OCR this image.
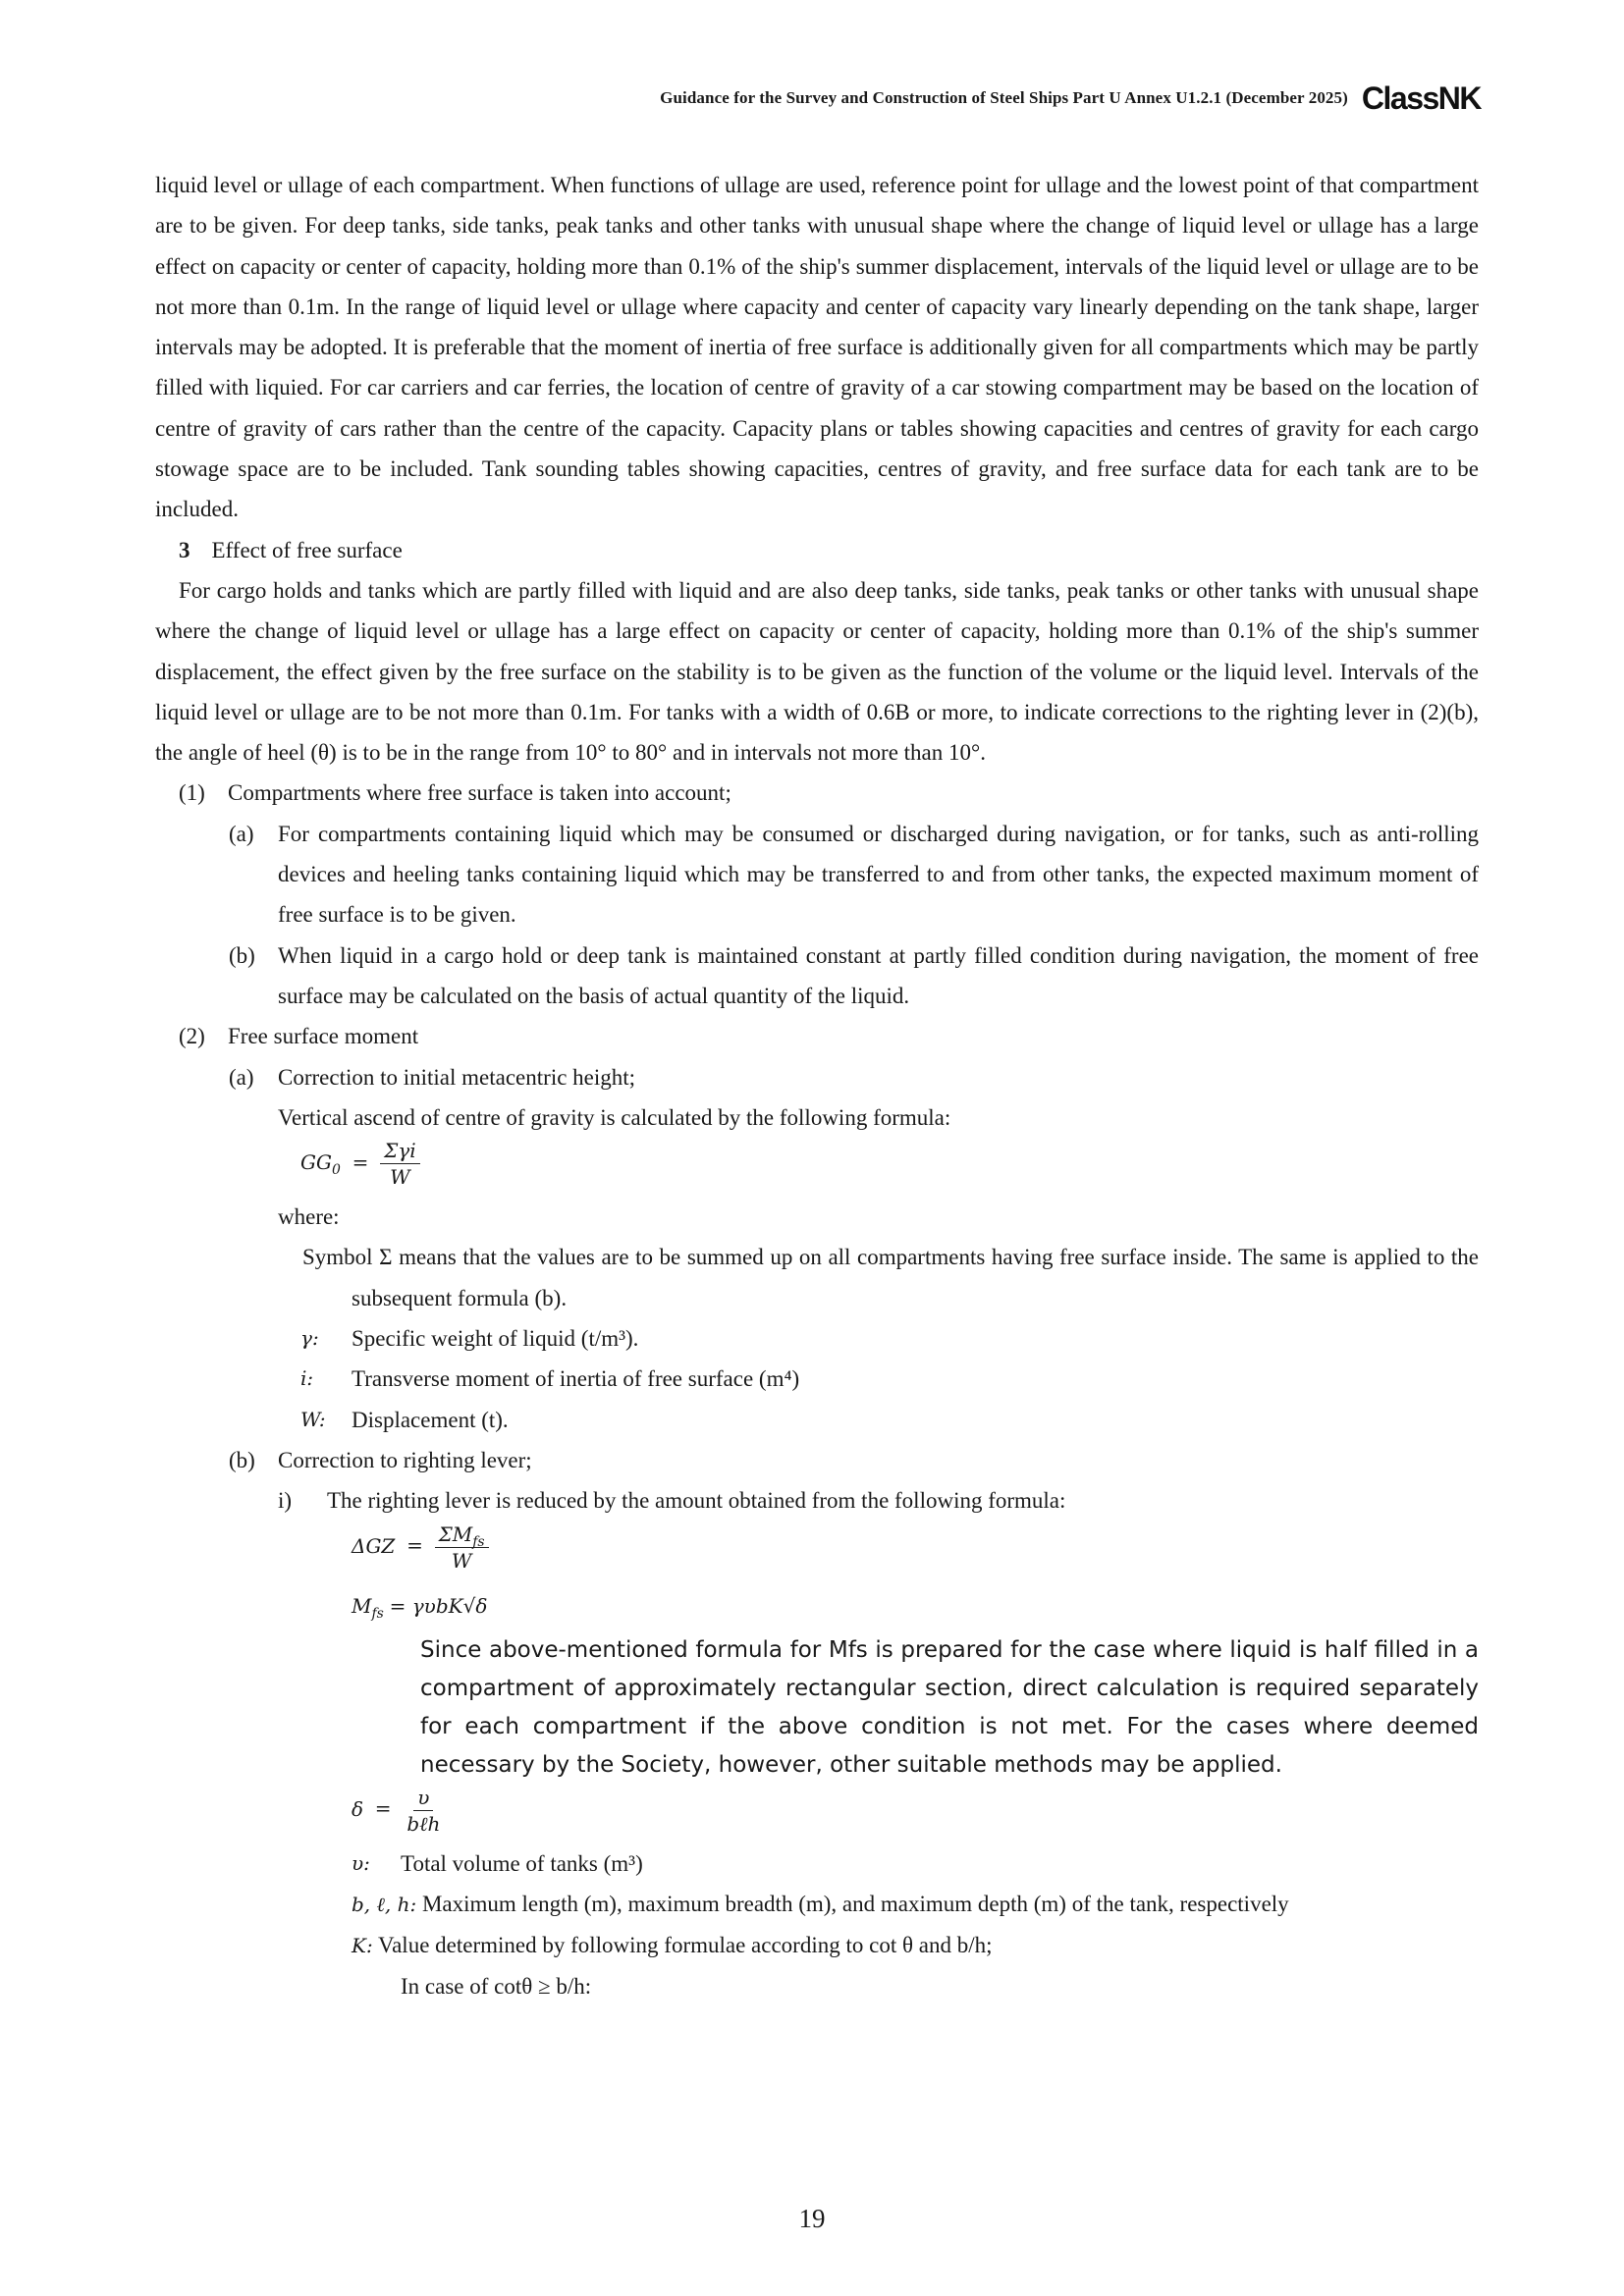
Guidance for the Survey and Construction of Steel Ships Part U Annex U1.2.1 (December 2025) ClassNK

liquid level or ullage of each compartment. When functions of ullage are used, reference point for ullage and the lowest point of that compartment are to be given. For deep tanks, side tanks, peak tanks and other tanks with unusual shape where the change of liquid level or ullage has a large effect on capacity or center of capacity, holding more than 0.1% of the ship's summer displacement, intervals of the liquid level or ullage are to be not more than 0.1m. In the range of liquid level or ullage where capacity and center of capacity vary linearly depending on the tank shape, larger intervals may be adopted. It is preferable that the moment of inertia of free surface is additionally given for all compartments which may be partly filled with liquied. For car carriers and car ferries, the location of centre of gravity of a car stowing compartment may be based on the location of centre of gravity of cars rather than the centre of the capacity. Capacity plans or tables showing capacities and centres of gravity for each cargo stowage space are to be included. Tank sounding tables showing capacities, centres of gravity, and free surface data for each tank are to be included.

3 Effect of free surface

For cargo holds and tanks which are partly filled with liquid and are also deep tanks, side tanks, peak tanks or other tanks with unusual shape where the change of liquid level or ullage has a large effect on capacity or center of capacity, holding more than 0.1% of the ship's summer displacement, the effect given by the free surface on the stability is to be given as the function of the volume or the liquid level. Intervals of the liquid level or ullage are to be not more than 0.1m. For tanks with a width of 0.6B or more, to indicate corrections to the righting lever in (2)(b), the angle of heel (θ) is to be in the range from 10° to 80° and in intervals not more than 10°.

(1) Compartments where free surface is taken into account;
(a) For compartments containing liquid which may be consumed or discharged during navigation, or for tanks, such as anti-rolling devices and heeling tanks containing liquid which may be transferred to and from other tanks, the expected maximum moment of free surface is to be given.
(b) When liquid in a cargo hold or deep tank is maintained constant at partly filled condition during navigation, the moment of free surface may be calculated on the basis of actual quantity of the liquid.
(2) Free surface moment
(a) Correction to initial metacentric height;

Vertical ascend of centre of gravity is calculated by the following formula:

$GG_0 = \frac{\text{Σγi}}{W}$

where:

Symbol Σ means that the values are to be summed up on all compartments having free surface inside. The same is applied to the subsequent formula (b).

γ: Specific weight of liquid (t/m³).
i: Transverse moment of inertia of free surface (m⁴)
W: Displacement (t).
(b) Correction to righting lever;
i) The righting lever is reduced by the amount obtained from the following formula:
$\Delta GZ = \frac{\Sigma M_{fs}}{W}$
$M_{fs} = \gamma\upsilon bK√\delta$

Since above-mentioned formula for Mfs is prepared for the case where liquid is half filled in a compartment of approximately rectangular section, direct calculation is required separately for each compartment if the above condition is not met. For the cases where deemed necessary by the Society, however, other suitable methods may be applied.

$\delta = \frac{\upsilon}{\text{bℓh}}$
υ: Total volume of tanks (m³)
b, ℓ, h: Maximum length (m), maximum breadth (m), and maximum depth (m) of the tank, respectively
K: Value determined by following formulae according to cot θ and b/h;

In case of cotθ ≥ b/h:

19
